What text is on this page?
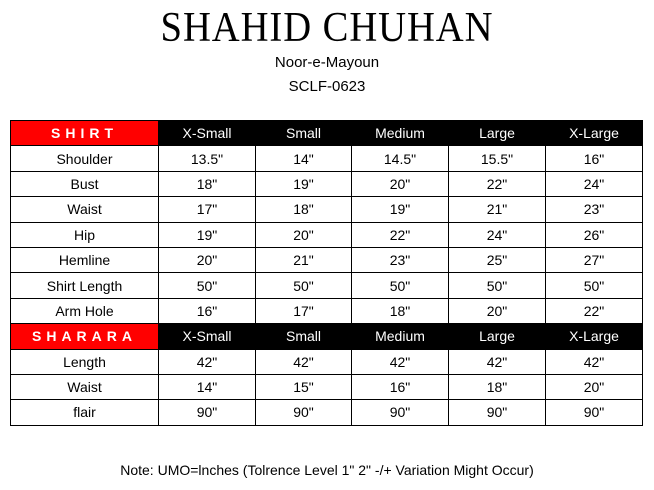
SHAHID CHUHAN
Noor-e-Mayoun
SCLF-0623
SHIRT	X-Small	Small	Medium	Large	X-Large
Shoulder	13.5"	14"	14.5"	15.5"	16"
Bust	18"	19"	20"	22"	24"
Waist	17"	18"	19"	21"	23"
Hip	19"	20"	22"	24"	26"
Hemline	20"	21"	23"	25"	27"
Shirt Length	50"	50"	50"	50"	50"
Arm Hole	16"	17"	18"	20"	22"
SHARARA	X-Small	Small	Medium	Large	X-Large
Length	42"	42"	42"	42"	42"
Waist	14"	15"	16"	18"	20"
flair	90"	90"	90"	90"	90"
Note: UMO=lnches (Tolrence Level 1" 2" -/+ Variation Might Occur)
